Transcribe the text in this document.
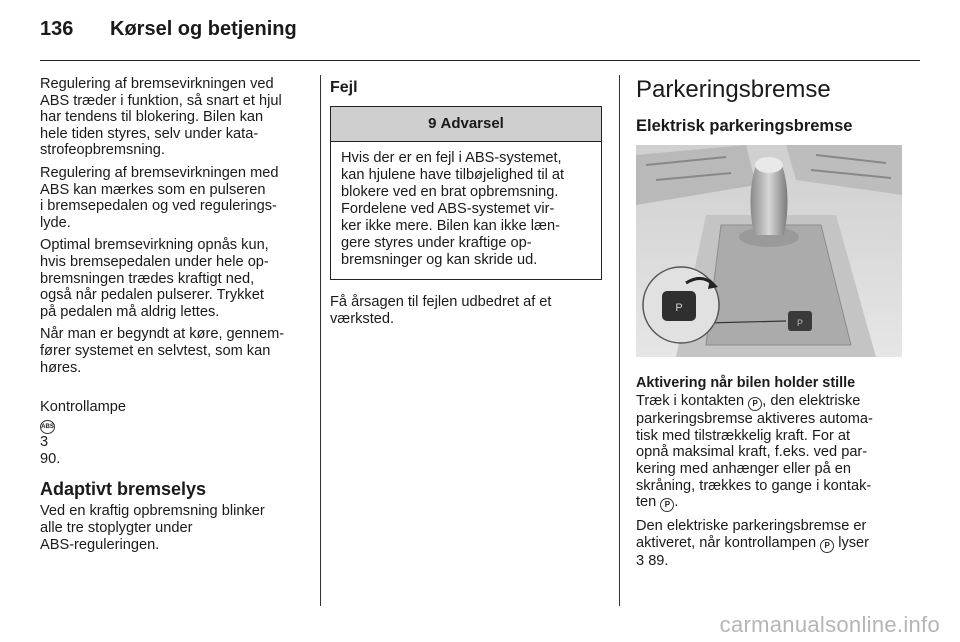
136	Kørsel og betjening

Regulering af bremsevirkningen ved
ABS træder i funktion, så snart et hjul
har tendens til blokering. Bilen kan
hele tiden styres, selv under kata-
strofeopbremsning.

Regulering af bremsevirkningen med
ABS kan mærkes som en pulseren
i bremsepedalen og ved regulerings-
lyde.

Optimal bremsevirkning opnås kun,
hvis bremsepedalen under hele op-
bremsningen trædes kraftigt ned,
også når pedalen pulserer. Trykket
på pedalen må aldrig lettes.

Når man er begyndt at køre, gennem-
fører systemet en selvtest, som kan
høres.

Kontrollampe
ABS
3
90.

Adaptivt bremselys

Ved en kraftig opbremsning blinker
alle tre stoplygter under
ABS-reguleringen.

Fejl
9 Advarsel
Hvis der er en fejl i ABS-systemet,
kan hjulene have tilbøjelighed til at
blokere ved en brat opbremsning.
Fordelene ved ABS-systemet vir-
ker ikke mere. Bilen kan ikke læn-
gere styres under kraftige op-
bremsninger og kan skride ud.
Få årsagen til fejlen udbedret af et
værksted.
Parkeringsbremse
Elektrisk parkeringsbremse
P
P
Aktivering når bilen holder stille

Træk i kontakten P , den elektriske
parkeringsbremse aktiveres automa-
tisk med tilstrækkelig kraft. For at
opnå maksimal kraft, f.eks. ved par-
kering med anhænger eller på en
skråning, trækkes to gange i kontak-
ten P .

Den elektriske parkeringsbremse er
aktiveret, når kontrollampen P lyser
3 89.

carmanualsonline.info
